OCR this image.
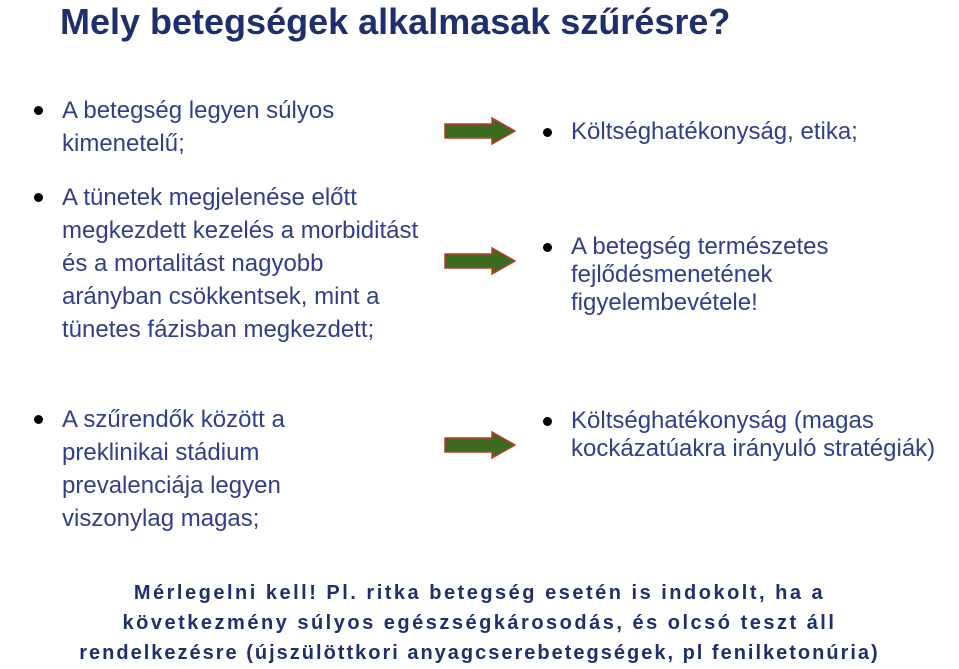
Mely betegségek alkalmasak szűrésre?
A betegség legyen súlyos kimenetelű;
A tünetek megjelenése előtt megkezdett kezelés a morbiditást és a mortalitást nagyobb arányban csökkentsek, mint a tünetes fázisban megkezdett;
A szűrendők között a preklinikai stádium prevalenciája legyen viszonylag magas;
Költséghatékonyság, etika;
A betegség természetes fejlődésmenetének figyelembevétele!
Költséghatékonyság (magas kockázatúakra irányuló stratégiák)
Mérlegelni kell! Pl. ritka betegség esetén is indokolt, ha a
következmény súlyos egészségkárosodás, és olcsó teszt áll
rendelkezésre (újszülöttkori anyagcserebetegségek, pl fenilketonúria)
